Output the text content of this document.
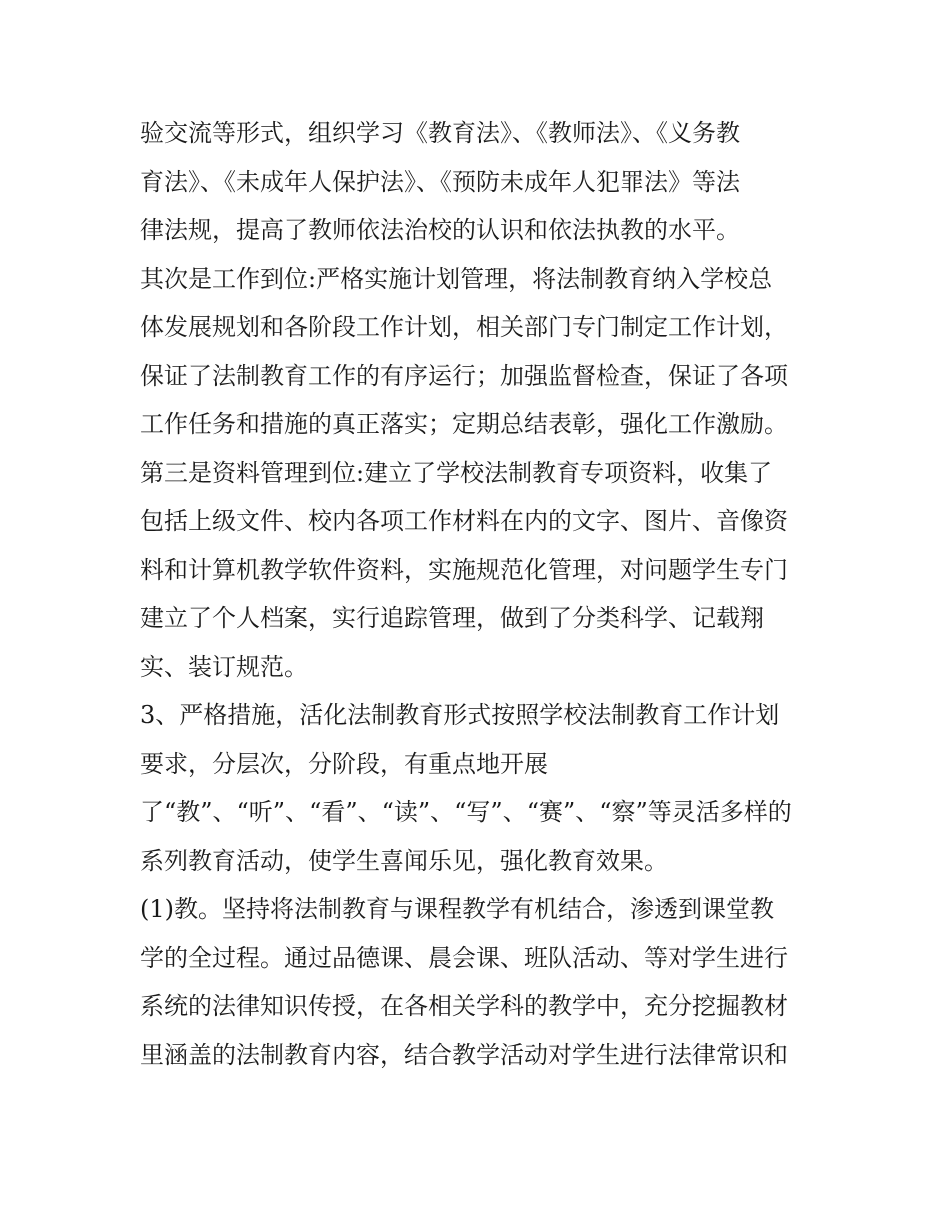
验交流等形式，组织学习《教育法》、《教师法》、《义务教
育法》、《未成年人保护法》、《预防未成年人犯罪法》等法
律法规，提高了教师依法治校的认识和依法执教的水平。
其次是工作到位:严格实施计划管理，将法制教育纳入学校总
体发展规划和各阶段工作计划，相关部门专门制定工作计划，
保证了法制教育工作的有序运行；加强监督检查，保证了各项
工作任务和措施的真正落实；定期总结表彰，强化工作激励。
第三是资料管理到位:建立了学校法制教育专项资料，收集了
包括上级文件、校内各项工作材料在内的文字、图片、音像资
料和计算机教学软件资料，实施规范化管理，对问题学生专门
建立了个人档案，实行追踪管理，做到了分类科学、记载翔
实、装订规范。
3、严格措施，活化法制教育形式按照学校法制教育工作计划
要求，分层次，分阶段，有重点地开展
了“教”、“听”、“看”、“读”、“写”、“赛”、“察”等灵活多样的
系列教育活动，使学生喜闻乐见，强化教育效果。
(1)教。坚持将法制教育与课程教学有机结合，渗透到课堂教
学的全过程。通过品德课、晨会课、班队活动、等对学生进行
系统的法律知识传授，在各相关学科的教学中，充分挖掘教材
里涵盖的法制教育内容，结合教学活动对学生进行法律常识和
